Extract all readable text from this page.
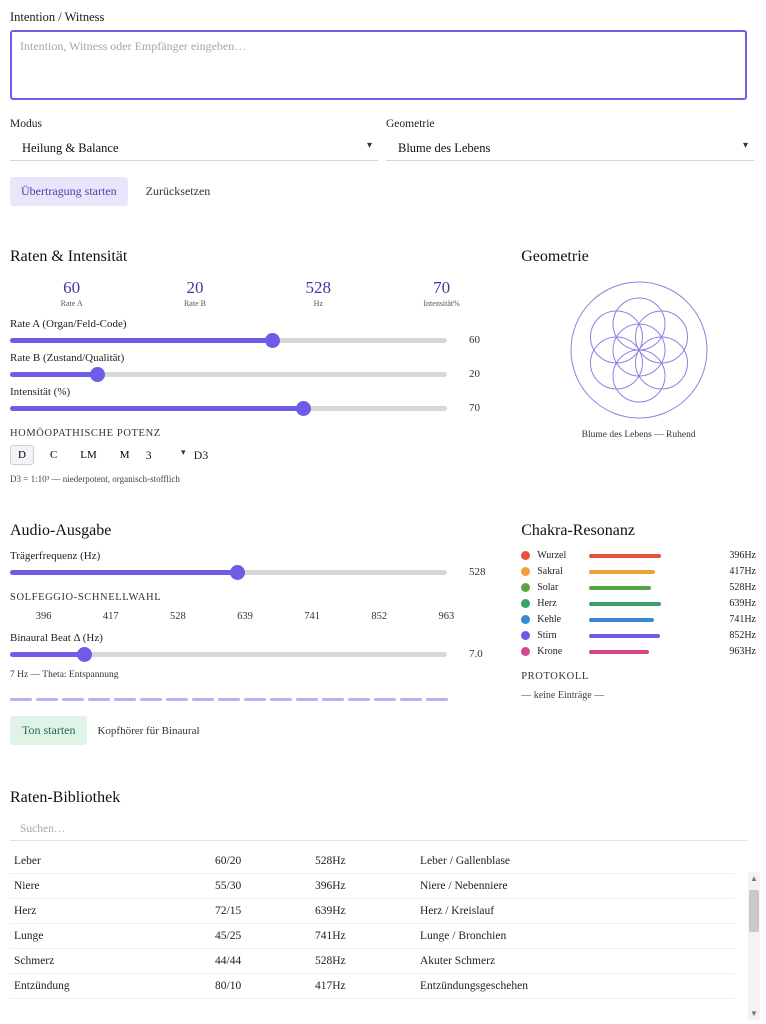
Intention / Witness
Intention, Witness oder Empfänger eingeben…
Modus
Heilung & Balance	▾
Geometrie
Blume des Lebens	▾
Übertragung starten	Zurücksetzen
Raten & Intensität
60
Rate A
20
Rate B
528
Hz
70
Intensität%
Rate A (Organ/Feld-Code)
60
Rate B (Zustand/Qualität)
20
Intensität (%)
70
HOMÖOPATHISCHE POTENZ
D	C	LM	M	3	▾ D3
D3 = 1:10³ — niederpotent, organisch-stofflich
Geometrie
Blume des Lebens — Ruhend
Audio-Ausgabe
Trägerfrequenz (Hz)
528
SOLFEGGIO-SCHNELLWAHL
396	417	528	639	741	852	963
Binaural Beat Δ (Hz)
7.0
7 Hz — Theta: Entspannung
Ton starten	Kopfhörer für Binaural
Chakra-Resonanz
Wurzel	396Hz
Sakral	417Hz
Solar	528Hz
Herz	639Hz
Kehle	741Hz
Stirn	852Hz
Krone	963Hz
PROTOKOLL
— keine Einträge —
Raten-Bibliothek
Suchen…
Leber	60/20	528Hz	Leber / Gallenblase
Niere	55/30	396Hz	Niere / Nebenniere
Herz	72/15	639Hz	Herz / Kreislauf
Lunge	45/25	741Hz	Lunge / Bronchien
Schmerz	44/44	528Hz	Akuter Schmerz
Entzündung	80/10	417Hz	Entzündungsgeschehen
▲
▼
